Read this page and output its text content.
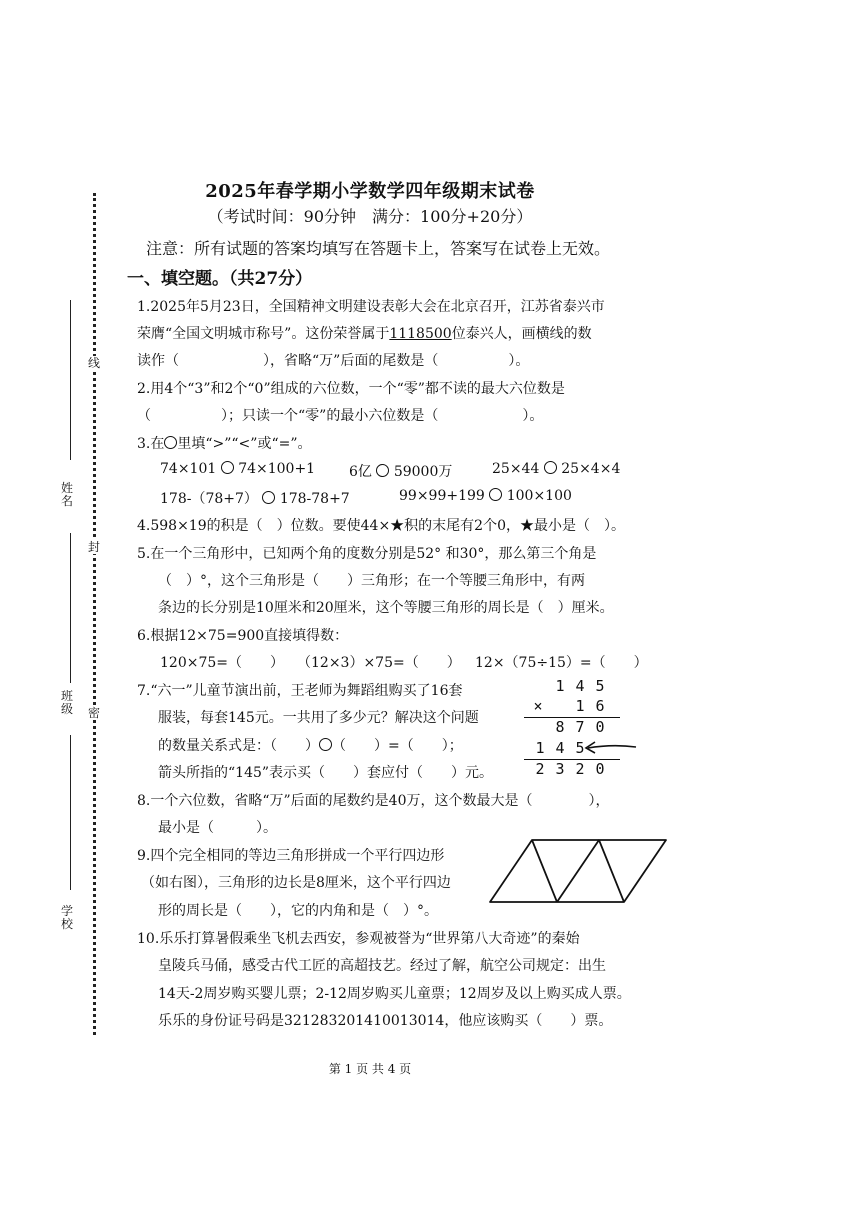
线
封
密
姓名
班级
学校
2025年春学期小学数学四年级期末试卷
（考试时间：90分钟　满分：100分+20分）
注意：所有试题的答案均填写在答题卡上，答案写在试卷上无效。
一、填空题。（共27分）
1.2025年5月23日，全国精神文明建设表彰大会在北京召开，江苏省泰兴市
荣膺“全国文明城市称号”。这份荣誉属于1118500位泰兴人，画横线的数
读作（　　　　　　），省略“万”后面的尾数是（　　　　　）。
2.用4个“3”和2个“0”组成的六位数，一个“零”都不读的最大六位数是
（　　　　　）；只读一个“零”的最小六位数是（　　　　　　）。
3.在 里填“>”“<”或“=”。
74×101 74×100+1 6亿 59000万	25×44 25×4×4
178-（78+7） 178-78+7	99×99+199 100×100
4.598×19的积是（　）位数。要使44×★积的末尾有2个0，★最小是（　）。
5.在一个三角形中，已知两个角的度数分别是52° 和30°，那么第三个角是
（　）°，这个三角形是（　　）三角形；在一个等腰三角形中，有两
条边的长分别是10厘米和20厘米，这个等腰三角形的周长是（　）厘米。
6.根据12×75=900直接填得数：
120×75=（　　） （12×3）×75=（　　） 12×（75÷15）=（　　）
7.“六一”儿童节演出前，王老师为舞蹈组购买了16套
服装，每套145元。一共用了多少元？解决这个问题
的数量关系式是：（　　） （　　）=（　　）；
箭头所指的“145”表示买（　　）套应付（　　）元。
1 4 5
×	1 6
8 7 0
1 4 5
2 3 2 0
8.一个六位数，省略“万”后面的尾数约是40万，这个数最大是（　　　　），
最小是（　　　）。
9.四个完全相同的等边三角形拼成一个平行四边形
（如右图），三角形的边长是8厘米，这个平行四边
形的周长是（　　），它的内角和是（　）°。
10.乐乐打算暑假乘坐飞机去西安，参观被誉为“世界第八大奇迹”的秦始
皇陵兵马俑，感受古代工匠的高超技艺。经过了解，航空公司规定：出生
14天-2周岁购买婴儿票；2-12周岁购买儿童票；12周岁及以上购买成人票。
乐乐的身份证号码是321283201410013014，他应该购买（　　）票。
第 1 页 共 4 页
